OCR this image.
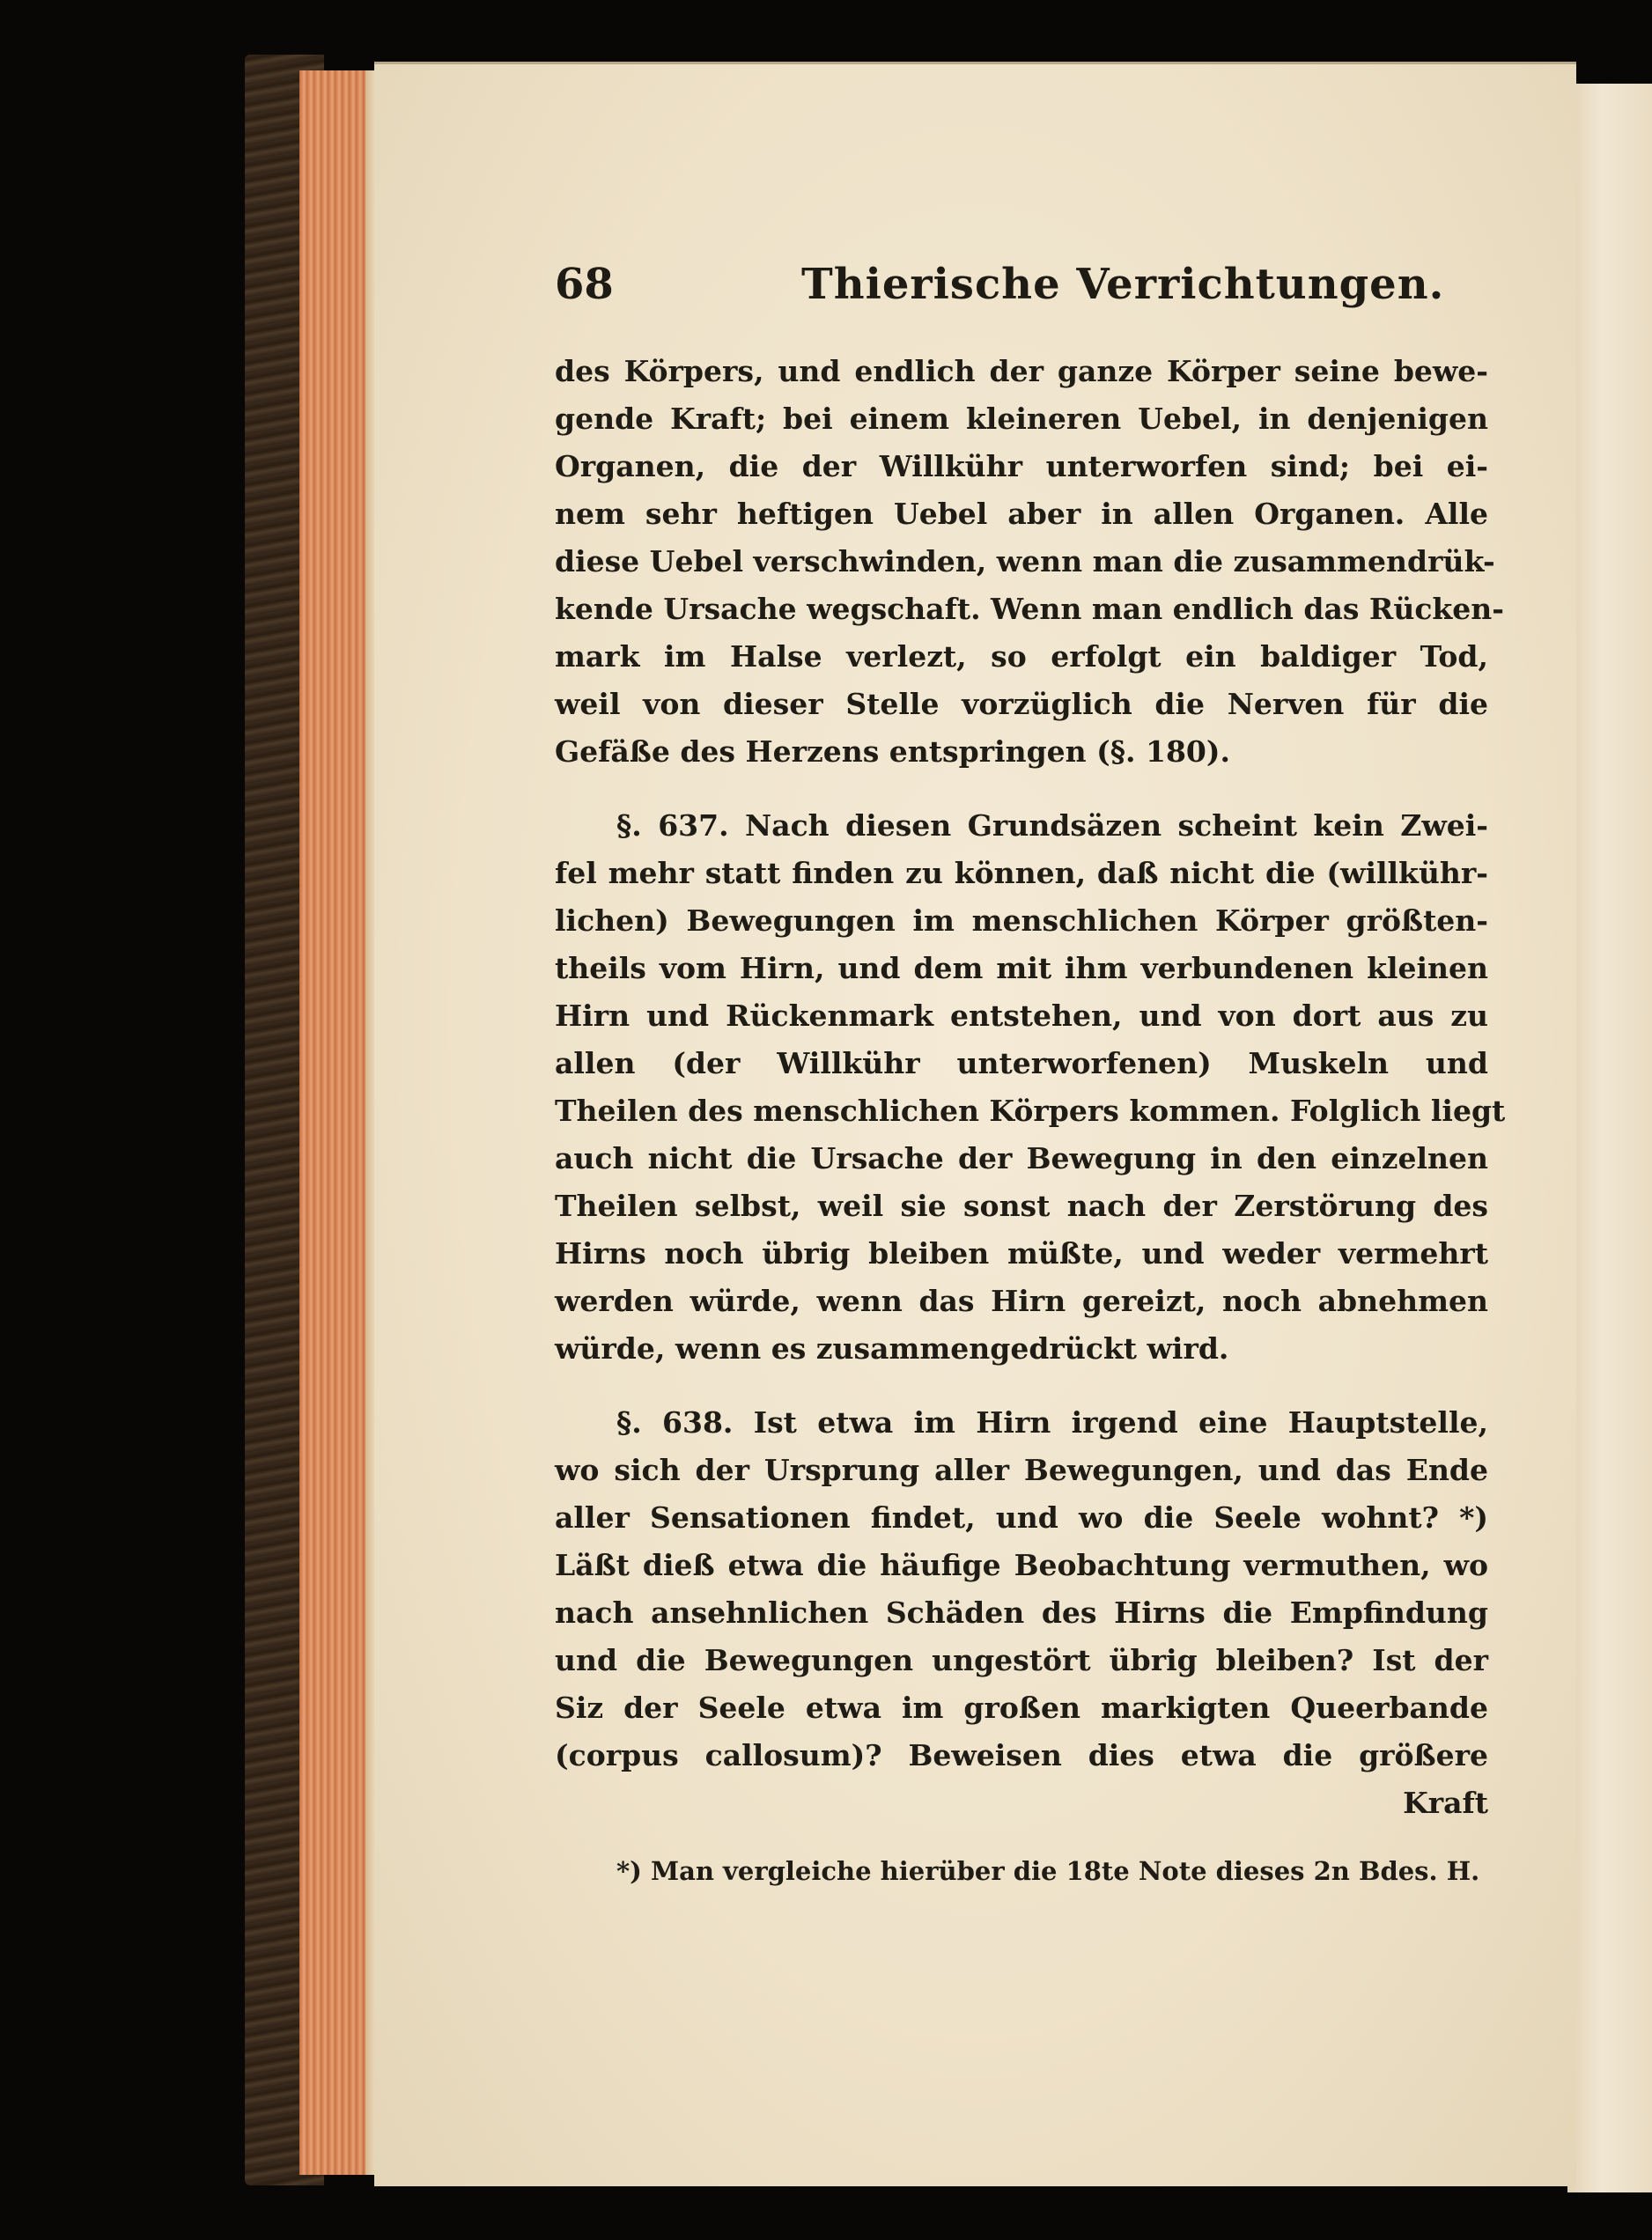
68	Thierische Verrichtungen.
des Körpers, und endlich der ganze Körper seine bewe-
gende Kraft; bei einem kleineren Uebel, in denjenigen
Organen, die der Willkühr unterworfen sind; bei ei-
nem sehr heftigen Uebel aber in allen Organen. Alle
diese Uebel verschwinden, wenn man die zusammendrük-
kende Ursache wegschaft. Wenn man endlich das Rücken-
mark im Halse verlezt, so erfolgt ein baldiger Tod,
weil von dieser Stelle vorzüglich die Nerven für die
Gefäße des Herzens entspringen (§. 180).
§. 637. Nach diesen Grundsäzen scheint kein Zwei-
fel mehr statt finden zu können, daß nicht die (willkühr-
lichen) Bewegungen im menschlichen Körper größten-
theils vom Hirn, und dem mit ihm verbundenen kleinen
Hirn und Rückenmark entstehen, und von dort aus zu
allen (der Willkühr unterworfenen) Muskeln und
Theilen des menschlichen Körpers kommen. Folglich liegt
auch nicht die Ursache der Bewegung in den einzelnen
Theilen selbst, weil sie sonst nach der Zerstörung des
Hirns noch übrig bleiben müßte, und weder vermehrt
werden würde, wenn das Hirn gereizt, noch abnehmen
würde, wenn es zusammengedrückt wird.
§. 638. Ist etwa im Hirn irgend eine Hauptstelle,
wo sich der Ursprung aller Bewegungen, und das Ende
aller Sensationen findet, und wo die Seele wohnt? *)
Läßt dieß etwa die häufige Beobachtung vermuthen, wo
nach ansehnlichen Schäden des Hirns die Empfindung
und die Bewegungen ungestört übrig bleiben? Ist der
Siz der Seele etwa im großen markigten Queerbande
(corpus callosum)? Beweisen dies etwa die größere
Kraft
*) Man vergleiche hierüber die 18te Note dieses 2n Bdes. H.
